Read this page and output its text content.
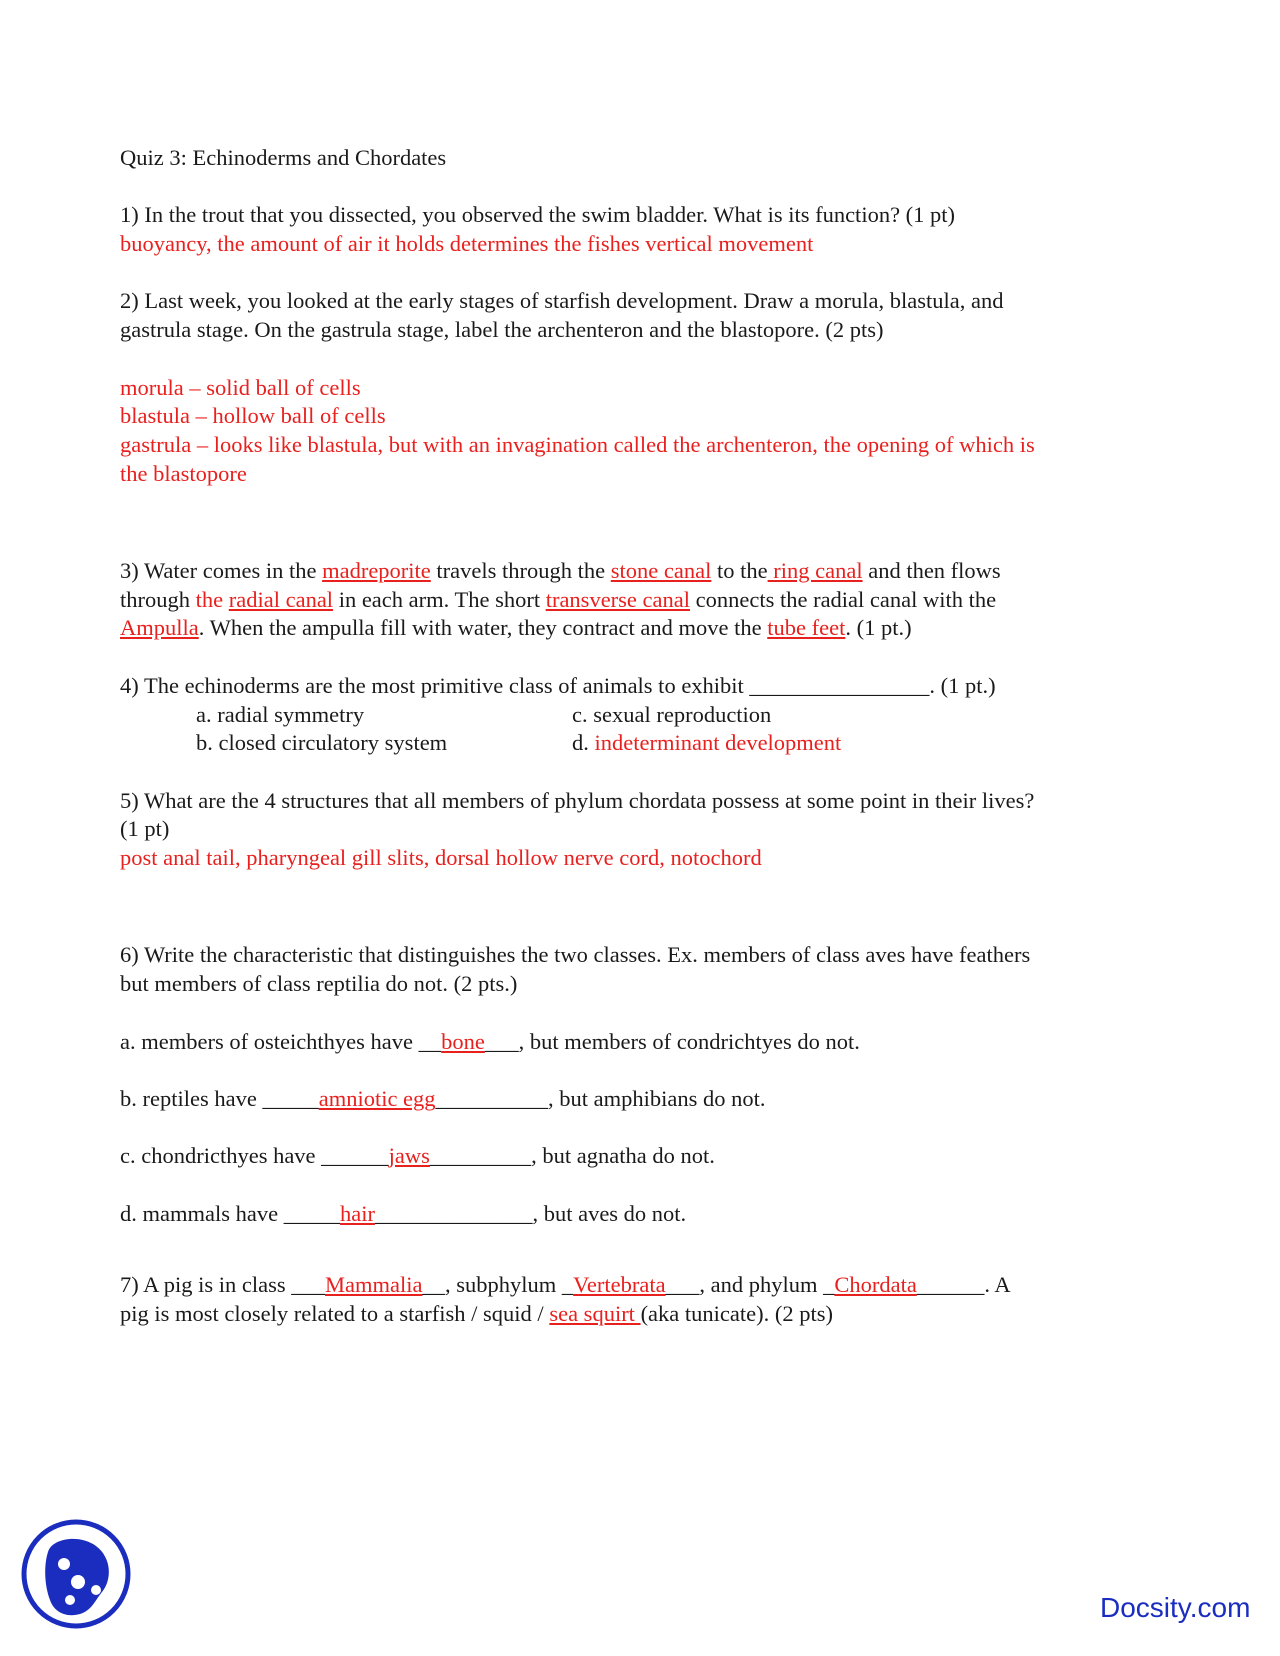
Quiz 3: Echinoderms and Chordates
1) In the trout that you dissected, you observed the swim bladder. What is its function? (1 pt)
buoyancy, the amount of air it holds determines the fishes vertical movement
2) Last week, you looked at the early stages of starfish development. Draw a morula, blastula, and
gastrula stage. On the gastrula stage, label the archenteron and the blastopore. (2 pts)
morula – solid ball of cells
blastula – hollow ball of cells
gastrula – looks like blastula, but with an invagination called the archenteron, the opening of which is
the blastopore
3) Water comes in the madreporite travels through the stone canal to the ring canal and then flows
through the radial canal in each arm. The short transverse canal connects the radial canal with the
Ampulla. When the ampulla fill with water, they contract and move the tube feet. (1 pt.)
4) The echinoderms are the most primitive class of animals to exhibit ________________. (1 pt.)
a. radial symmetry
b. closed circulatory system
c. sexual reproduction
d. indeterminant development
5) What are the 4 structures that all members of phylum chordata possess at some point in their lives?
(1 pt)
post anal tail, pharyngeal gill slits, dorsal hollow nerve cord, notochord
6) Write the characteristic that distinguishes the two classes. Ex. members of class aves have feathers
but members of class reptilia do not. (2 pts.)
a. members of osteichthyes have __bone___, but members of condrichtyes do not.
b. reptiles have _____amniotic egg__________, but amphibians do not.
c. chondricthyes have ______jaws_________, but agnatha do not.
d. mammals have _____hair______________, but aves do not.
7) A pig is in class ___Mammalia__, subphylum _Vertebrata___, and phylum _Chordata______. A
pig is most closely related to a starfish / squid / sea squirt (aka tunicate). (2 pts)
Docsity.com
